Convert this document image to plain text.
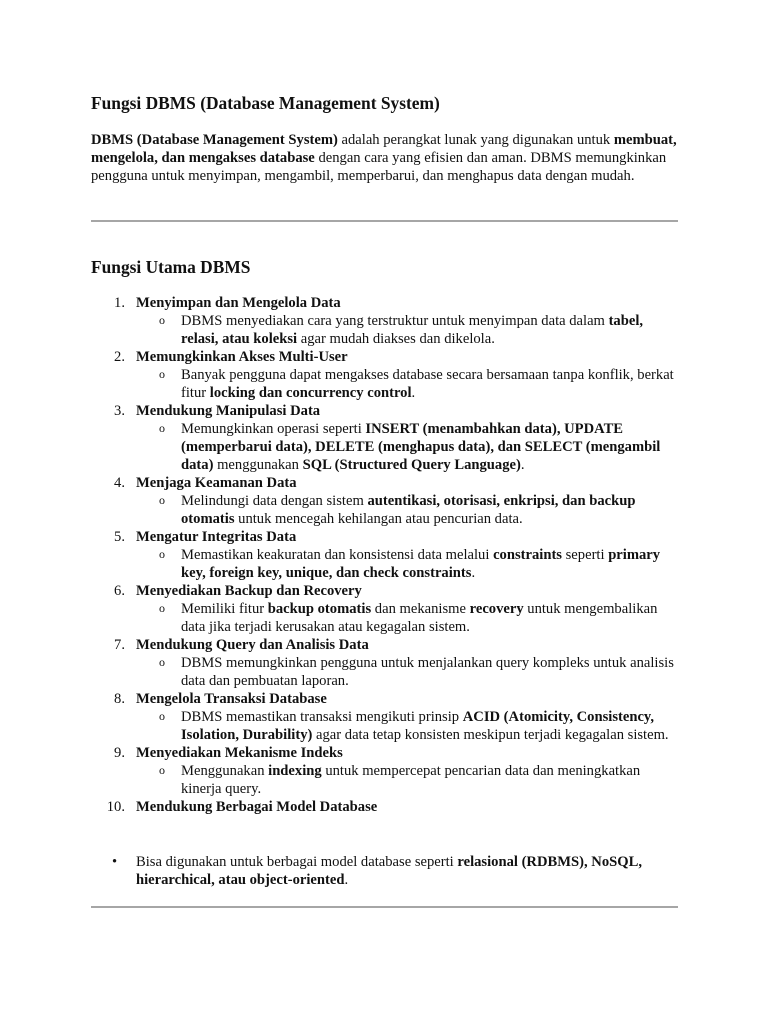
Fungsi DBMS (Database Management System)

DBMS (Database Management System) adalah perangkat lunak yang digunakan untuk membuat, mengelola, dan mengakses database dengan cara yang efisien dan aman. DBMS memungkinkan pengguna untuk menyimpan, mengambil, memperbarui, dan menghapus data dengan mudah.

Fungsi Utama DBMS
1. Menyimpan dan Mengelola Data
o DBMS menyediakan cara yang terstruktur untuk menyimpan data dalam tabel, relasi, atau koleksi agar mudah diakses dan dikelola.
2. Memungkinkan Akses Multi-User
o Banyak pengguna dapat mengakses database secara bersamaan tanpa konflik, berkat fitur locking dan concurrency control.
3. Mendukung Manipulasi Data
o Memungkinkan operasi seperti INSERT (menambahkan data), UPDATE (memperbarui data), DELETE (menghapus data), dan SELECT (mengambil data) menggunakan SQL (Structured Query Language).
4. Menjaga Keamanan Data
o Melindungi data dengan sistem autentikasi, otorisasi, enkripsi, dan backup otomatis untuk mencegah kehilangan atau pencurian data.
5. Mengatur Integritas Data
o Memastikan keakuratan dan konsistensi data melalui constraints seperti primary key, foreign key, unique, dan check constraints.
6. Menyediakan Backup dan Recovery
o Memiliki fitur backup otomatis dan mekanisme recovery untuk mengembalikan data jika terjadi kerusakan atau kegagalan sistem.
7. Mendukung Query dan Analisis Data
o DBMS memungkinkan pengguna untuk menjalankan query kompleks untuk analisis data dan pembuatan laporan.
8. Mengelola Transaksi Database
o DBMS memastikan transaksi mengikuti prinsip ACID (Atomicity, Consistency, Isolation, Durability) agar data tetap konsisten meskipun terjadi kegagalan sistem.
9. Menyediakan Mekanisme Indeks
o Menggunakan indexing untuk mempercepat pencarian data dan meningkatkan kinerja query.
10. Mendukung Berbagai Model Database
• Bisa digunakan untuk berbagai model database seperti relasional (RDBMS), NoSQL, hierarchical, atau object-oriented.
